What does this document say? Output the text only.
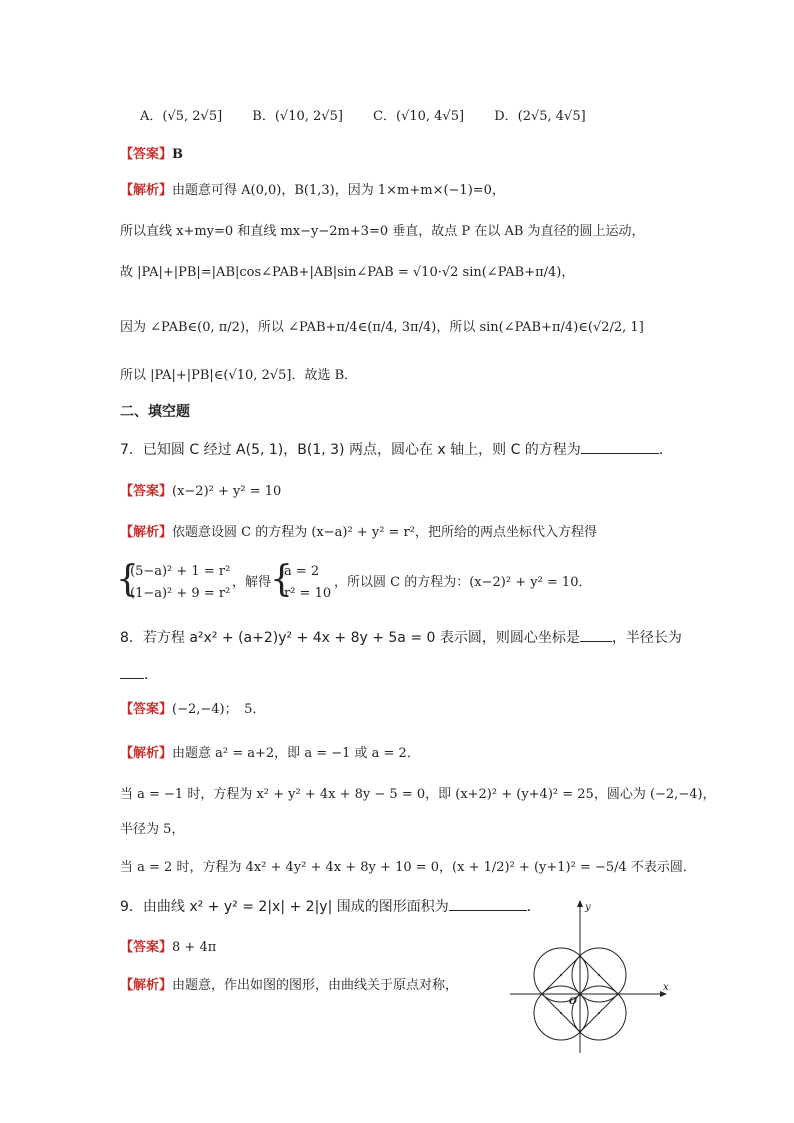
A．(√5, 2√5]　　 B．(√10, 2√5]　　 C．(√10, 4√5]　　 D．(2√5, 4√5]
【答案】B
【解析】由题意可得 A(0,0)，B(1,3)，因为 1×m+m×(−1)=0，
所以直线 x+my=0 和直线 mx−y−2m+3=0 垂直，故点 P 在以 AB 为直径的圆上运动，
故 |PA|+|PB|=|AB|cos∠PAB+|AB|sin∠PAB = √10·√2 sin(∠PAB+π/4)，
因为 ∠PAB∈(0, π/2)，所以 ∠PAB+π/4∈(π/4, 3π/4)，所以 sin(∠PAB+π/4)∈(√2/2, 1]
所以 |PA|+|PB|∈(√10, 2√5]．故选 B．
二、填空题
7．已知圆 C 经过 A(5, 1)，B(1, 3) 两点，圆心在 x 轴上，则 C 的方程为	．
【答案】(x−2)² + y² = 10
【解析】依题意设圆 C 的方程为 (x−a)² + y² = r²，把所给的两点坐标代入方程得
{
(5−a)² + 1 = r²
(1−a)² + 9 = r²
，解得
{
a = 2
r² = 10
，所以圆 C 的方程为：(x−2)² + y² = 10．
8．若方程 a²x² + (a+2)y² + 4x + 8y + 5a = 0 表示圆，则圆心坐标是 ，半径长为
．
【答案】(−2,−4)；　5．
【解析】由题意 a² = a+2，即 a = −1 或 a = 2．
当 a = −1 时，方程为 x² + y² + 4x + 8y − 5 = 0，即 (x+2)² + (y+4)² = 25，圆心为 (−2,−4)，
半径为 5，
当 a = 2 时，方程为 4x² + 4y² + 4x + 8y + 10 = 0，(x + 1/2)² + (y+1)² = −5/4 不表示圆．
9．由曲线 x² + y² = 2|x| + 2|y| 围成的图形面积为	．
【答案】8 + 4π
【解析】由题意，作出如图的图形，由曲线关于原点对称，
y
x
O
